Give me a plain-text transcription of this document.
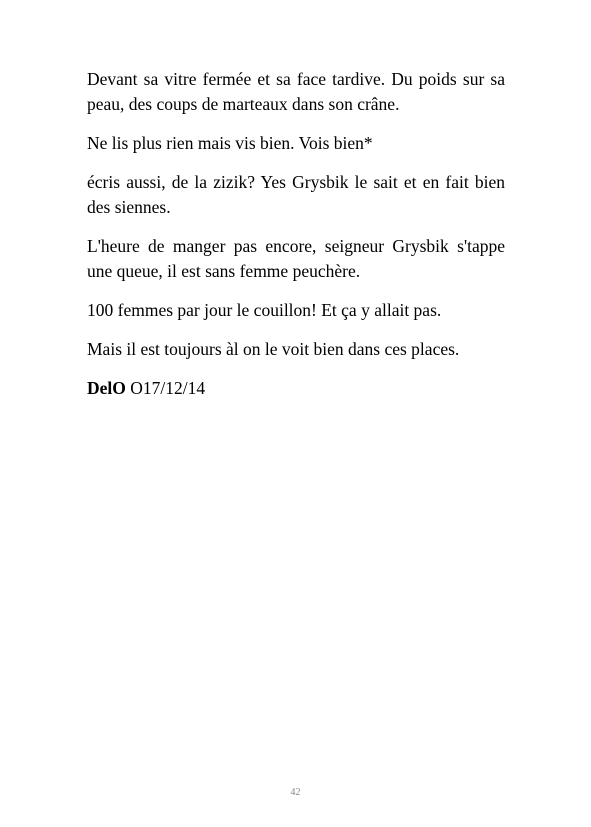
Devant sa vitre fermée et sa face tardive. Du poids sur sa peau, des coups de marteaux dans son crâne.

Ne lis plus rien mais vis bien. Vois bien*

écris aussi, de la zizik? Yes Grysbik le sait et en fait bien des siennes.

L'heure de manger pas encore, seigneur Grysbik s'tappe une queue, il est sans femme peuchère.

100 femmes par jour le couillon! Et ça y allait pas.

Mais il est toujours àl on le voit bien dans ces places.

DelO O17/12/14

42
